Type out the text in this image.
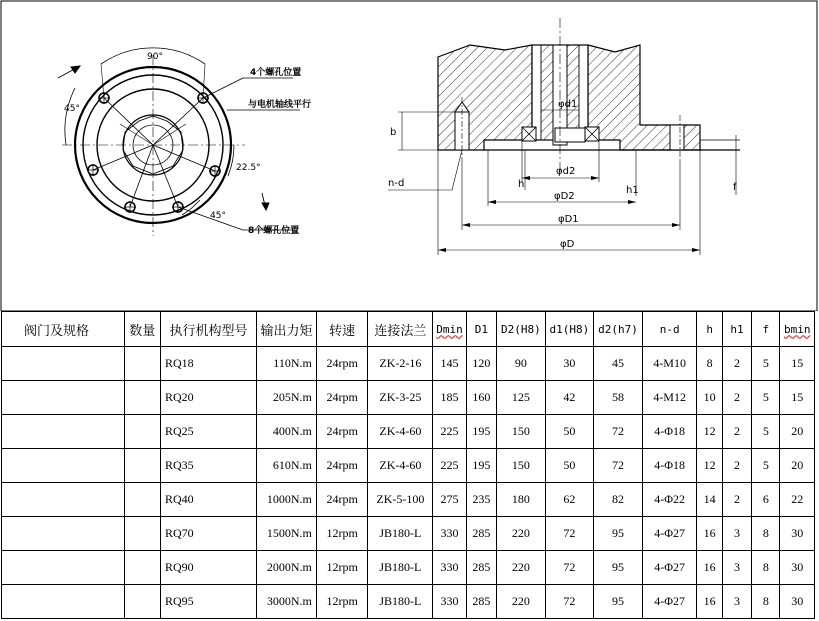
90°
45°
22.5°
45°
4个螺孔位置
与电机轴线平行
8个螺孔位置
b
n-d
φd1
φd2
h
h1	f
φD2
φD1
φD
阀门及规格	数量	执行机构型号	输出力矩	转速	连接法兰	Dmin	D1	D2(H8)	d1(H8)	d2(h7)	n-d	h	h1	f	bmin
		RQ18	110N.m	24rpm	ZK-2-16	145	120	90	30	45	4-M10	8	2	5	15
		RQ20	205N.m	24rpm	ZK-3-25	185	160	125	42	58	4-M12	10	2	5	15
		RQ25	400N.m	24rpm	ZK-4-60	225	195	150	50	72	4-Φ18	12	2	5	20
		RQ35	610N.m	24rpm	ZK-4-60	225	195	150	50	72	4-Φ18	12	2	5	20
		RQ40	1000N.m	24rpm	ZK-5-100	275	235	180	62	82	4-Φ22	14	2	6	22
		RQ70	1500N.m	12rpm	JB180-L	330	285	220	72	95	4-Φ27	16	3	8	30
		RQ90	2000N.m	12rpm	JB180-L	330	285	220	72	95	4-Φ27	16	3	8	30
		RQ95	3000N.m	12rpm	JB180-L	330	285	220	72	95	4-Φ27	16	3	8	30
